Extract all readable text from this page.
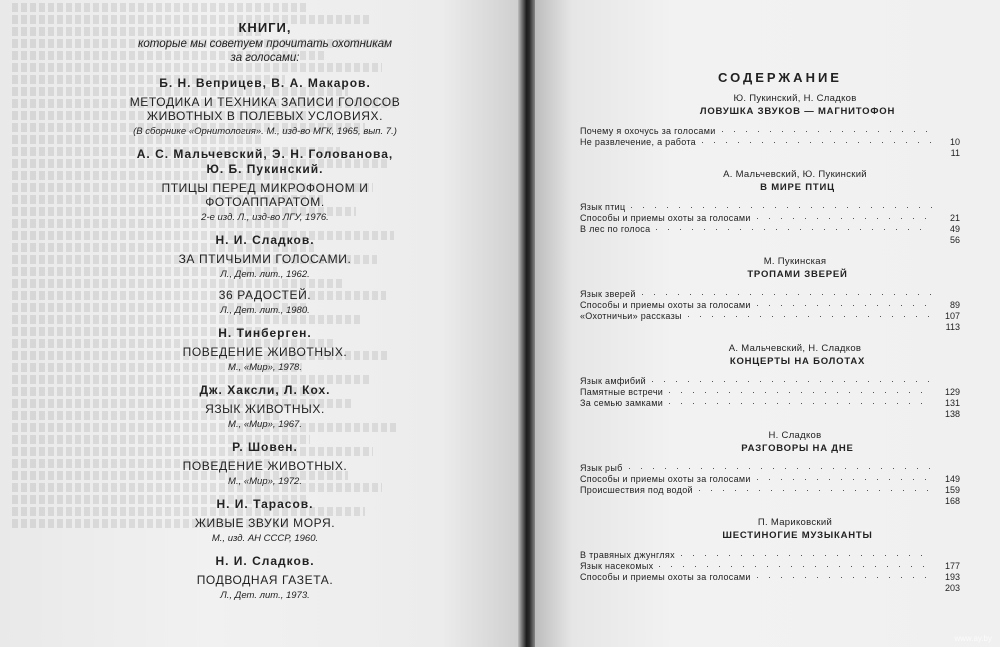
КНИГИ,
которые мы советуем прочитать охотникам
за голосами:
Б. Н. Веприцев, В. А. Макаров.
МЕТОДИКА И ТЕХНИКА ЗАПИСИ ГОЛОСОВ
ЖИВОТНЫХ В ПОЛЕВЫХ УСЛОВИЯХ.
(В сборнике «Орнитология». М., изд-во МГК, 1965, вып. 7.)
А. С. Мальчевский, Э. Н. Голованова,
Ю. Б. Пукинский.
ПТИЦЫ ПЕРЕД МИКРОФОНОМ И
ФОТОАППАРАТОМ.
2-е изд. Л., изд-во ЛГУ, 1976.
Н. И. Сладков.
ЗА ПТИЧЬИМИ ГОЛОСАМИ.
Л., Дет. лит., 1962.
36 РАДОСТЕЙ.
Л., Дет. лит., 1980.
Н. Тинберген.
ПОВЕДЕНИЕ ЖИВОТНЫХ.
М., «Мир», 1978.
Дж. Хаксли, Л. Кох.
ЯЗЫК ЖИВОТНЫХ.
М., «Мир», 1967.
Р. Шовен.
ПОВЕДЕНИЕ ЖИВОТНЫХ.
М., «Мир», 1972.
Н. И. Тарасов.
ЖИВЫЕ ЗВУКИ МОРЯ.
М., изд. АН СССР, 1960.
Н. И. Сладков.
ПОДВОДНАЯ ГАЗЕТА.
Л., Дет. лит., 1973.
СОДЕРЖАНИЕ
Ю. Пукинский, Н. Сладков
ЛОВУШКА ЗВУКОВ — МАГНИТОФОН
Почему я охочусь за голосами
Не развлечение, а работа	10
11
А. Мальчевский, Ю. Пукинский
В МИРЕ ПТИЦ
Язык птиц
Способы и приемы охоты за голосами
В лес по голоса
21
49
56
М. Пукинская
ТРОПАМИ ЗВЕРЕЙ
Язык зверей
Способы и приемы охоты за голосами
«Охотничьи» рассказы
89
107
113
А. Мальчевский, Н. Сладков
КОНЦЕРТЫ НА БОЛОТАХ
Язык амфибий
Памятные встречи
За семью замками
129
131
138
Н. Сладков
РАЗГОВОРЫ НА ДНЕ
Язык рыб
Способы и приемы охоты за голосами
Происшествия под водой
149
159
168
П. Мариковский
ШЕСТИНОГИЕ МУЗЫКАНТЫ
В травяных джунглях
Язык насекомых
Способы и приемы охоты за голосами
177
193
203
www.ay.by
